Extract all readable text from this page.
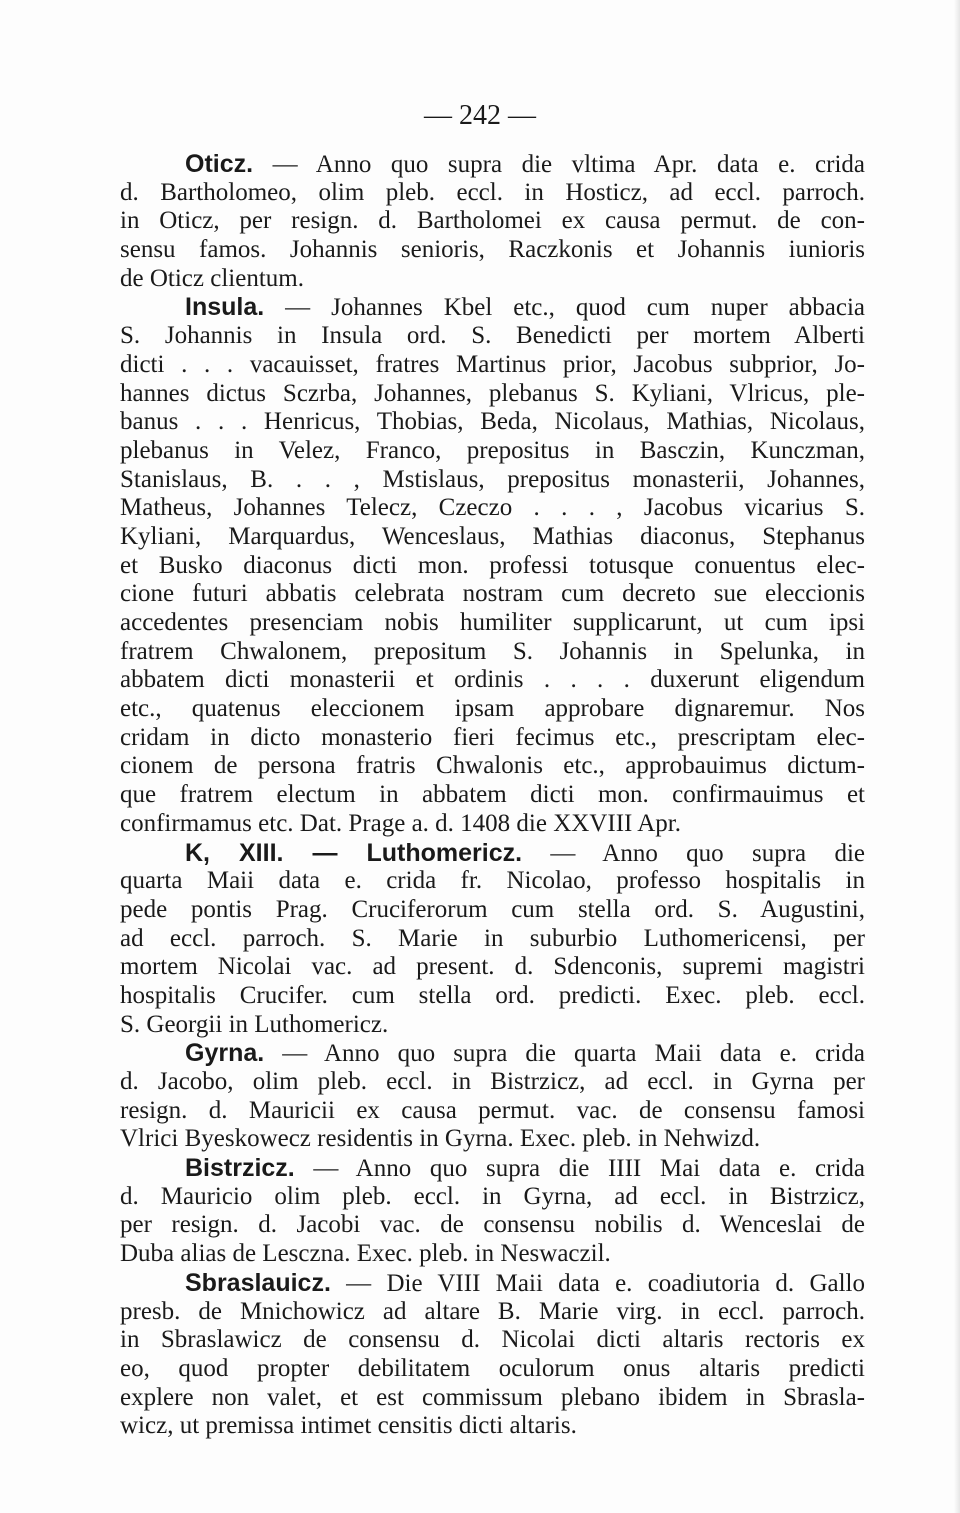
— 242 —
Oticz. — Anno quo supra die vltima Apr. data e. crida
d. Bartholomeo, olim pleb. eccl. in Hosticz, ad eccl. parroch.
in Oticz, per resign. d. Bartholomei ex causa permut. de con-
sensu famos. Johannis senioris, Raczkonis et Johannis iunioris
de Oticz clientum.
Insula. — Johannes Kbel etc., quod cum nuper abbacia
S. Johannis in Insula ord. S. Benedicti per mortem Alberti
dicti . . . vacauisset, fratres Martinus prior, Jacobus subprior, Jo-
hannes dictus Sczrba, Johannes, plebanus S. Kyliani, Vlricus, ple-
banus . . . Henricus, Thobias, Beda, Nicolaus, Mathias, Nicolaus,
plebanus in Velez, Franco, prepositus in Basczin, Kunczman,
Stanislaus, B. . . , Mstislaus, prepositus monasterii, Johannes,
Matheus, Johannes Telecz, Czeczo . . . , Jacobus vicarius S.
Kyliani, Marquardus, Wenceslaus, Mathias diaconus, Stephanus
et Busko diaconus dicti mon. professi totusque conuentus elec-
cione futuri abbatis celebrata nostram cum decreto sue eleccionis
accedentes presenciam nobis humiliter supplicarunt, ut cum ipsi
fratrem Chwalonem, prepositum S. Johannis in Spelunka, in
abbatem dicti monasterii et ordinis . . . . duxerunt eligendum
etc., quatenus eleccionem ipsam approbare dignaremur. Nos
cridam in dicto monasterio fieri fecimus etc., prescriptam elec-
cionem de persona fratris Chwalonis etc., approbauimus dictum-
que fratrem electum in abbatem dicti mon. confirmauimus et
confirmamus etc. Dat. Prage a. d. 1408 die XXVIII Apr.
K, XIII. — Luthomericz. — Anno quo supra die
quarta Maii data e. crida fr. Nicolao, professo hospitalis in
pede pontis Prag. Cruciferorum cum stella ord. S. Augustini,
ad eccl. parroch. S. Marie in suburbio Luthomericensi, per
mortem Nicolai vac. ad present. d. Sdenconis, supremi magistri
hospitalis Crucifer. cum stella ord. predicti. Exec. pleb. eccl.
S. Georgii in Luthomericz.
Gyrna. — Anno quo supra die quarta Maii data e. crida
d. Jacobo, olim pleb. eccl. in Bistrzicz, ad eccl. in Gyrna per
resign. d. Mauricii ex causa permut. vac. de consensu famosi
Vlrici Byeskowecz residentis in Gyrna. Exec. pleb. in Nehwizd.
Bistrzicz. — Anno quo supra die IIII Mai data e. crida
d. Mauricio olim pleb. eccl. in Gyrna, ad eccl. in Bistrzicz,
per resign. d. Jacobi vac. de consensu nobilis d. Wenceslai de
Duba alias de Lesczna. Exec. pleb. in Neswaczil.
Sbraslauicz. — Die VIII Maii data e. coadiutoria d. Gallo
presb. de Mnichowicz ad altare B. Marie virg. in eccl. parroch.
in Sbraslawicz de consensu d. Nicolai dicti altaris rectoris ex
eo, quod propter debilitatem oculorum onus altaris predicti
explere non valet, et est commissum plebano ibidem in Sbrasla-
wicz, ut premissa intimet censitis dicti altaris.
